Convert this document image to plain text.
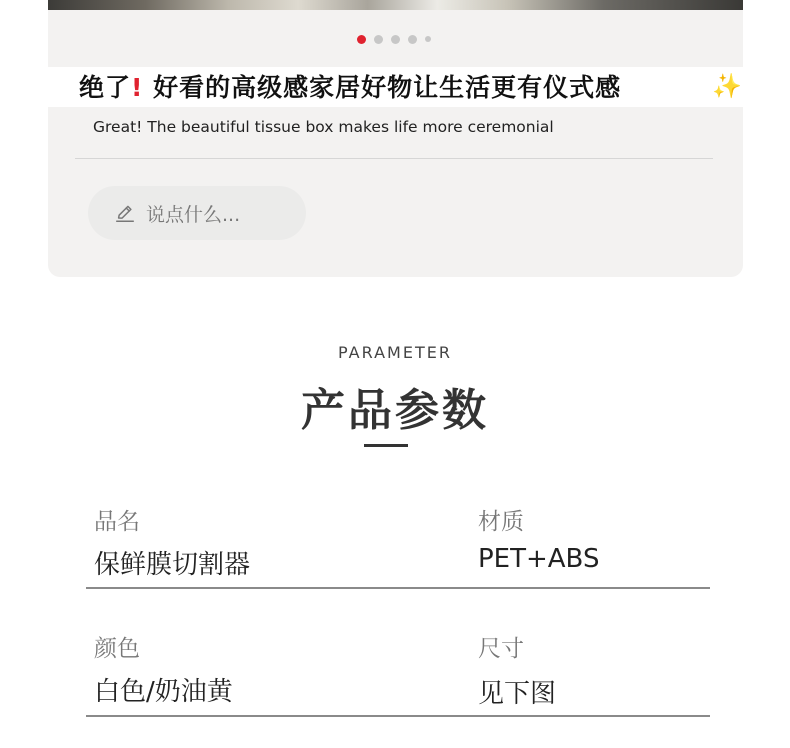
绝了! 好看的高级感家居好物让生活更有仪式感	✨
Great! The beautiful tissue box makes life more ceremonial
说点什么...
PARAMETER
产品参数
品名
保鲜膜切割器
材质
PET+ABS
颜色
白色/奶油黄
尺寸
见下图
